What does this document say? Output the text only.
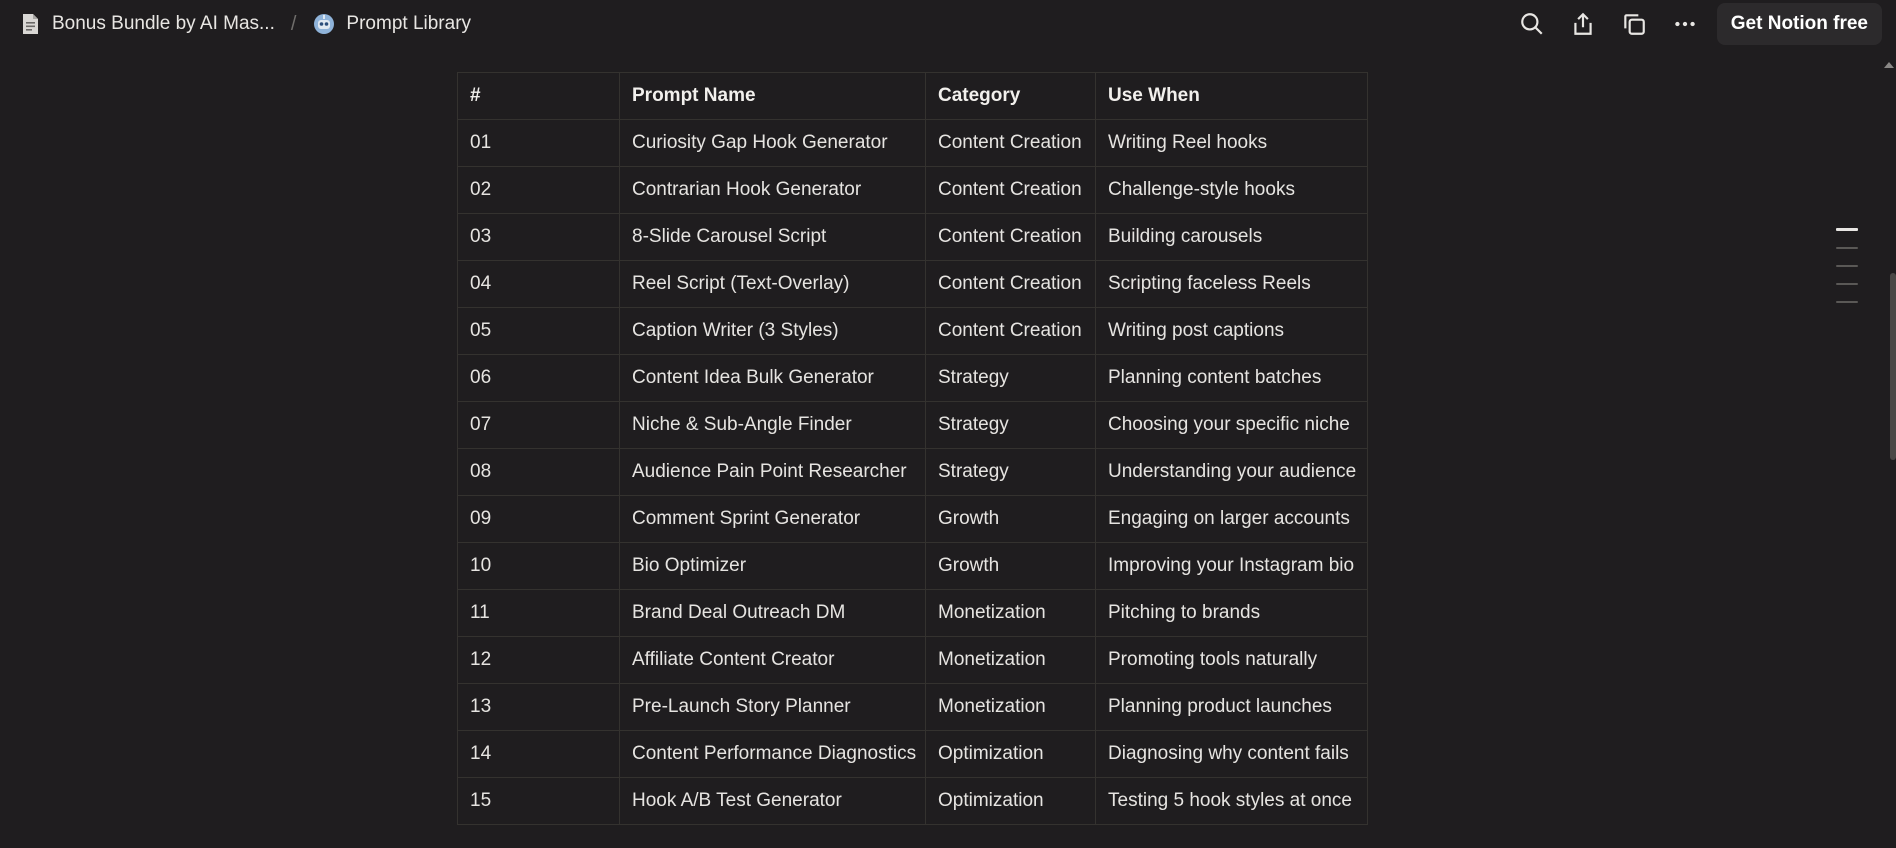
Bonus Bundle by AI Mas... /	Prompt Library	Get Notion free
#	Prompt Name	Category	Use When
01	Curiosity Gap Hook Generator	Content Creation	Writing Reel hooks
02	Contrarian Hook Generator	Content Creation	Challenge-style hooks
03	8-Slide Carousel Script	Content Creation	Building carousels
04	Reel Script (Text-Overlay)	Content Creation	Scripting faceless Reels
05	Caption Writer (3 Styles)	Content Creation	Writing post captions
06	Content Idea Bulk Generator	Strategy	Planning content batches
07	Niche & Sub-Angle Finder	Strategy	Choosing your specific niche
08	Audience Pain Point Researcher	Strategy	Understanding your audience
09	Comment Sprint Generator	Growth	Engaging on larger accounts
10	Bio Optimizer	Growth	Improving your Instagram bio
11	Brand Deal Outreach DM	Monetization	Pitching to brands
12	Affiliate Content Creator	Monetization	Promoting tools naturally
13	Pre-Launch Story Planner	Monetization	Planning product launches
14	Content Performance Diagnostics	Optimization	Diagnosing why content fails
15	Hook A/B Test Generator	Optimization	Testing 5 hook styles at once
